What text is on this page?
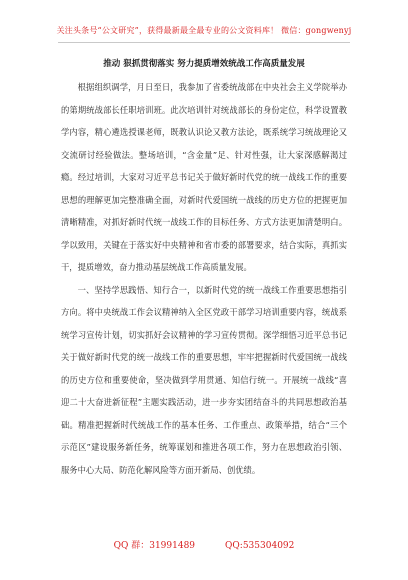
关注头条号“公文研究”，获得最新最全最专业的公文资料库！ 微信：gongwenyj
推动 狠抓贯彻落实 努力提质增效统战工作高质量发展

根据组织调学，月日至日，我参加了省委统战部在中央社会主义学院举办的第期统战部长任职培训班。此次培训针对统战部长的身份定位，科学设置教学内容，精心遴选授课老师，既教认识论又教方法论，既系统学习统战理论又交流研讨经验做法。整场培训，“含金量”足、针对性强，让大家深感解渴过瘾。经过培训，大家对习近平总书记关于做好新时代党的统一战线工作的重要思想的理解更加完整准确全面，对新时代爱国统一战线的历史方位的把握更加清晰精准，对抓好新时代统一战线工作的目标任务、方式方法更加清楚明白。学以致用，关键在于落实好中央精神和省市委的部署要求，结合实际，真抓实干，提质增效，奋力推动基层统战工作高质量发展。

一、坚持学思践悟、知行合一，以新时代党的统一战线工作重要思想指引方向。将中央统战工作会议精神纳入全区党政干部学习培训重要内容，统战系统学习宣传计划，切实抓好会议精神的学习宣传贯彻。深学细悟习近平总书记关于做好新时代党的统一战线工作的重要思想，牢牢把握新时代爱国统一战线的历史方位和重要使命，坚决做到学用贯通、知信行统一。开展统一战线“喜迎二十大奋进新征程”主题实践活动，进一步夯实团结奋斗的共同思想政治基础。精准把握新时代统战工作的基本任务、工作重点、政策举措，结合“三个示范区”建设服务新任务，统筹谋划和推进各项工作，努力在思想政治引领、服务中心大局、防范化解风险等方面开新局、创优绩。

QQ 群：31991489	QQ:535304092
